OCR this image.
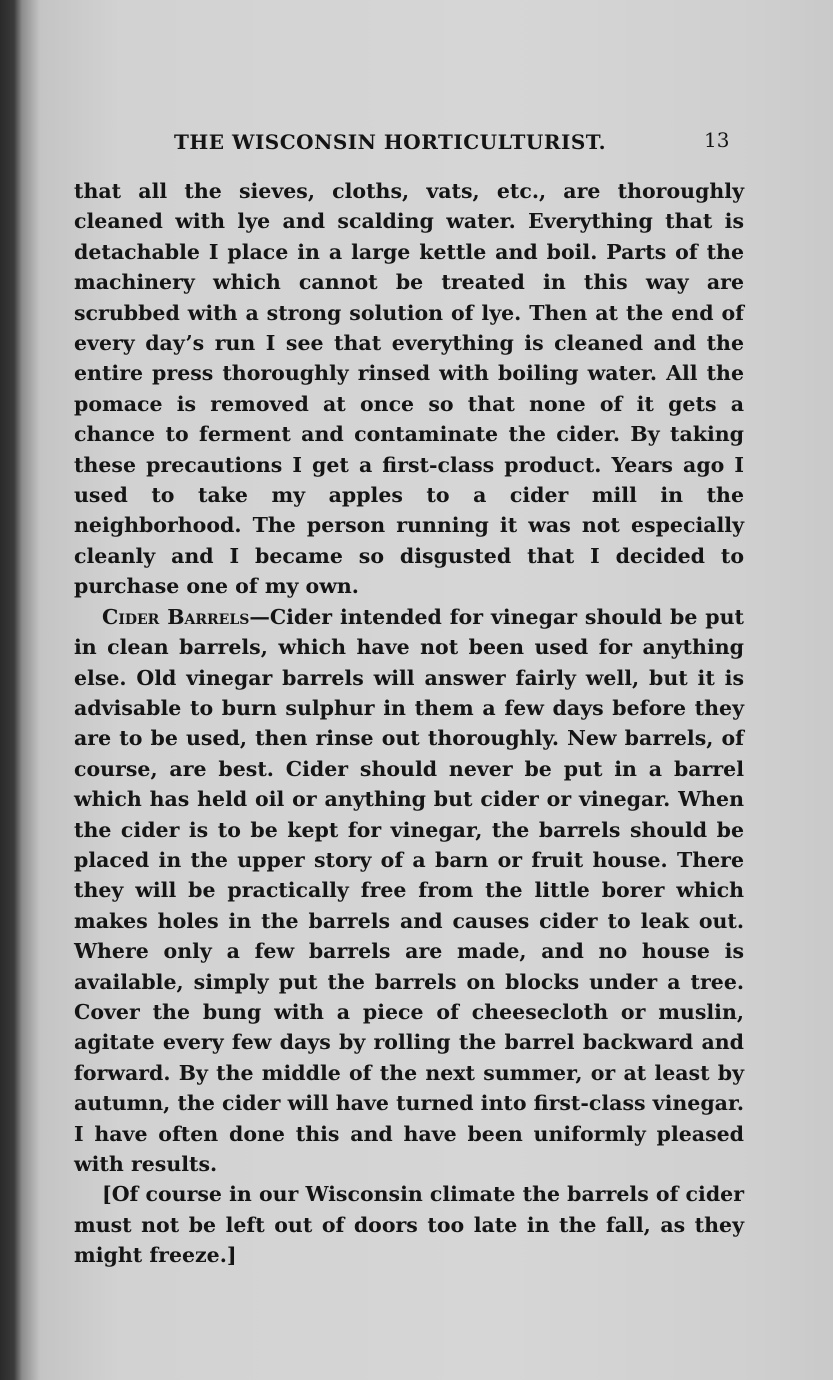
THE WISCONSIN HORTICULTURIST.	13

that all the sieves, cloths, vats, etc., are thoroughly cleaned with lye and scalding water. Everything that is detachable I place in a large kettle and boil. Parts of the machinery which cannot be treated in this way are scrubbed with a strong solution of lye. Then at the end of every day’s run I see that everything is cleaned and the entire press thoroughly rinsed with boiling water. All the pomace is removed at once so that none of it gets a chance to ferment and contaminate the cider. By taking these precautions I get a first-class product. Years ago I used to take my apples to a cider mill in the neighborhood. The person running it was not especially cleanly and I became so disgusted that I decided to purchase one of my own.

Cider Barrels—Cider intended for vinegar should be put in clean barrels, which have not been used for anything else. Old vinegar barrels will answer fairly well, but it is advisable to burn sulphur in them a few days before they are to be used, then rinse out thoroughly. New barrels, of course, are best. Cider should never be put in a barrel which has held oil or anything but cider or vinegar. When the cider is to be kept for vinegar, the barrels should be placed in the upper story of a barn or fruit house. There they will be practically free from the little borer which makes holes in the barrels and causes cider to leak out. Where only a few barrels are made, and no house is available, simply put the barrels on blocks under a tree. Cover the bung with a piece of cheesecloth or muslin, agitate every few days by rolling the barrel backward and forward. By the middle of the next summer, or at least by autumn, the cider will have turned into first-class vinegar. I have often done this and have been uniformly pleased with results.

[Of course in our Wisconsin climate the barrels of cider must not be left out of doors too late in the fall, as they might freeze.]
